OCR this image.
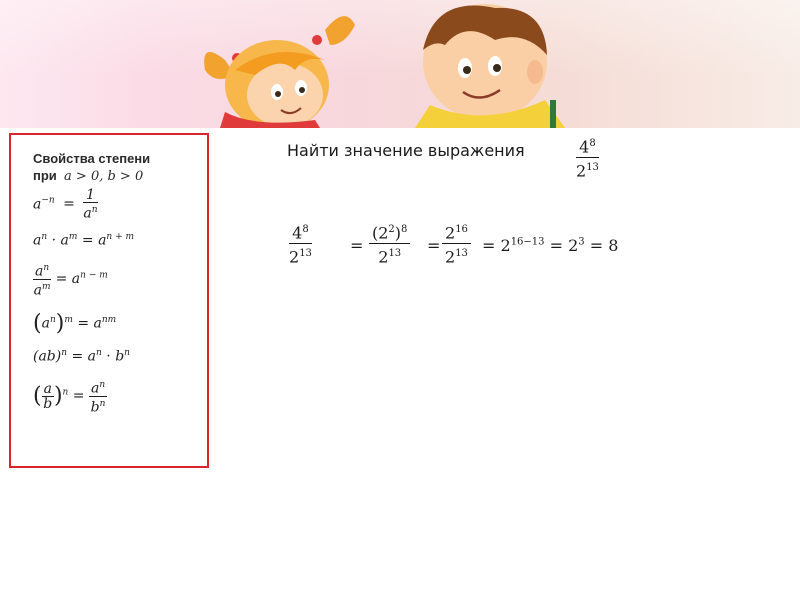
Свойства степени
при a > 0, b > 0
$a^{-n} = \frac{1}{a^n}$
$a^n \cdot a^m = a^{n + m}$
$\frac{a^n}{a^m} = a^{n - m}$
$(a^n)^m = a^{nm}$
$(ab)^n = a^n \cdot b^n$
( $\frac{a}{b} )^n = \frac{a^n}{b^n}$
Найти значение выражения	$\frac{4^8}{2^{13}}$
$\frac{4^8}{2^{13}} = \frac{(2^2)^8}{2^{13}} = \frac{2^{16}}{2^{13}} = 2^{16-13} = 2^3 = 8$
